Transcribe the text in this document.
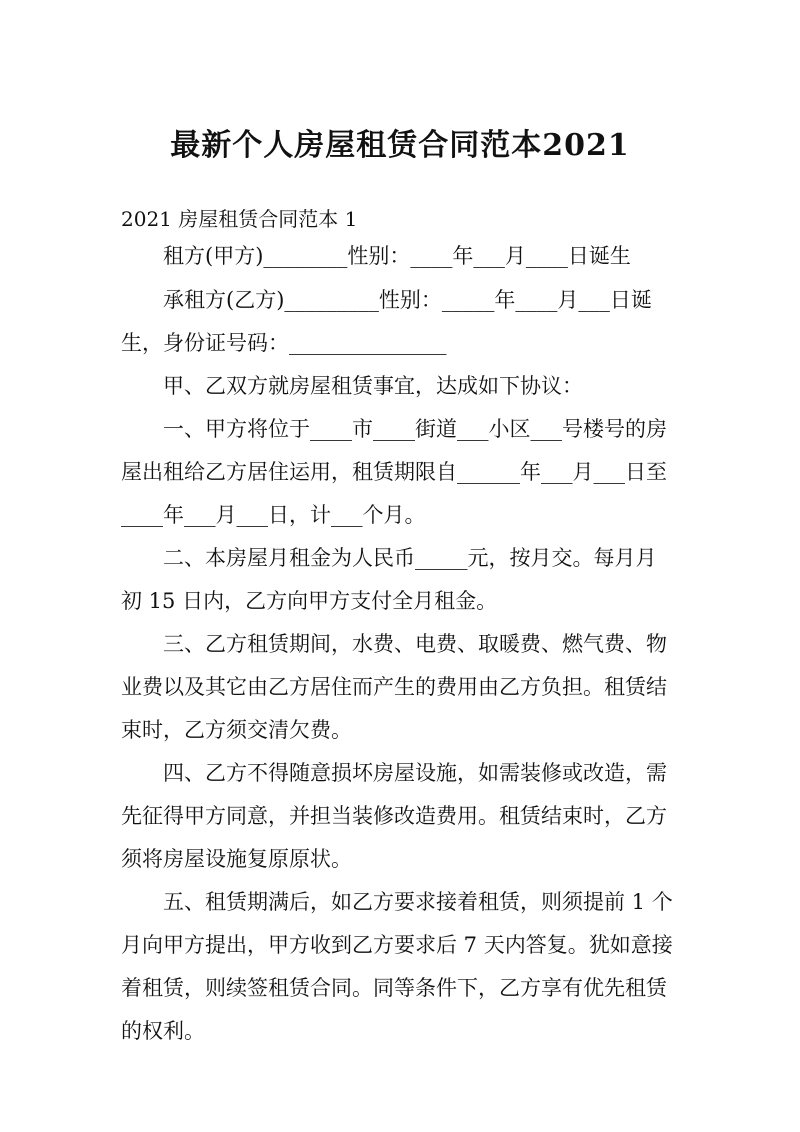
最新个人房屋租赁合同范本2021
2021 房屋租赁合同范本 1
租方(甲方)________性别：____年___月____日诞生
承租方(乙方)_________性别：_____年____月___日诞
生，身份证号码：_______________
甲、乙双方就房屋租赁事宜，达成如下协议：
一、甲方将位于____市____街道___小区___号楼号的房
屋出租给乙方居住运用，租赁期限自______年___月___日至
____年___月___日，计___个月。
二、本房屋月租金为人民币_____元，按月交。每月月
初 15 日内，乙方向甲方支付全月租金。
三、乙方租赁期间，水费、电费、取暖费、燃气费、物
业费以及其它由乙方居住而产生的费用由乙方负担。租赁结
束时，乙方须交清欠费。
四、乙方不得随意损坏房屋设施，如需装修或改造，需
先征得甲方同意，并担当装修改造费用。租赁结束时，乙方
须将房屋设施复原原状。
五、租赁期满后，如乙方要求接着租赁，则须提前 1 个
月向甲方提出，甲方收到乙方要求后 7 天内答复。犹如意接
着租赁，则续签租赁合同。同等条件下，乙方享有优先租赁
的权利。
